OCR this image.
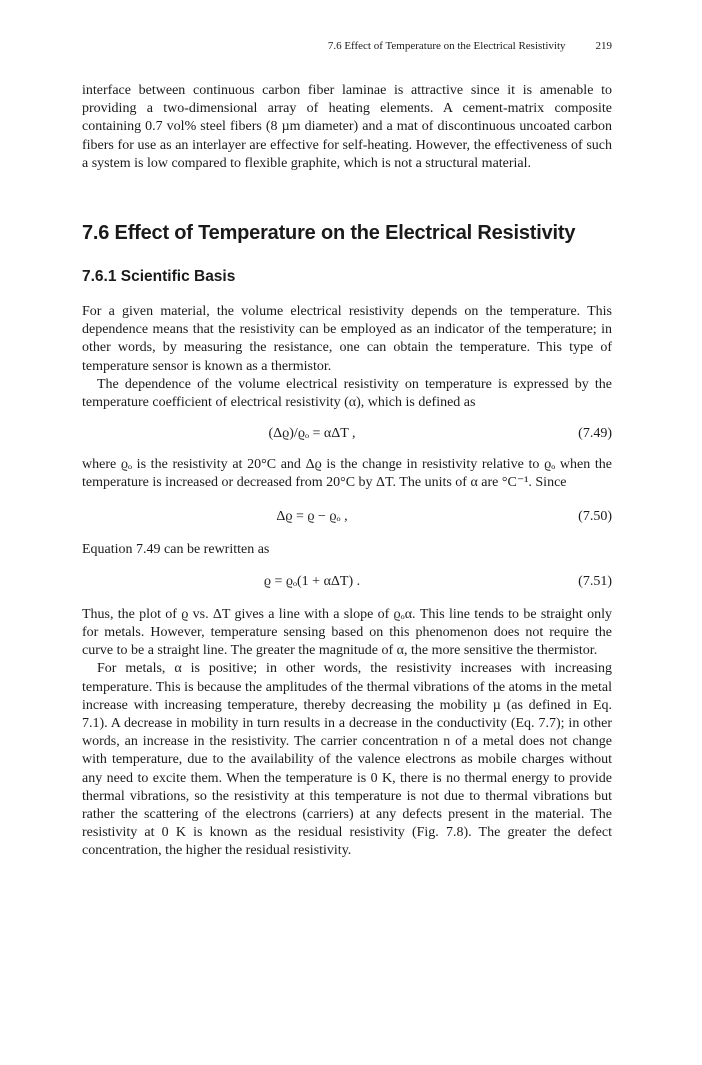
7.6 Effect of Temperature on the Electrical Resistivity	219

interface between continuous carbon fiber laminae is attractive since it is amenable to providing a two-dimensional array of heating elements. A cement-matrix composite containing 0.7 vol% steel fibers (8 µm diameter) and a mat of discontinuous uncoated carbon fibers for use as an interlayer are effective for self-heating. However, the effectiveness of such a system is low compared to flexible graphite, which is not a structural material.

7.6 Effect of Temperature on the Electrical Resistivity
7.6.1 Scientific Basis

For a given material, the volume electrical resistivity depends on the temperature. This dependence means that the resistivity can be employed as an indicator of the temperature; in other words, by measuring the resistance, one can obtain the temperature. This type of temperature sensor is known as a thermistor.

The dependence of the volume electrical resistivity on temperature is expressed by the temperature coefficient of electrical resistivity (α), which is defined as

(Δϱ)/ϱₒ = αΔT ,	(7.49)

where ϱₒ is the resistivity at 20°C and Δϱ is the change in resistivity relative to ϱₒ when the temperature is increased or decreased from 20°C by ΔT. The units of α are °C⁻¹. Since

Δϱ = ϱ − ϱₒ ,	(7.50)

Equation 7.49 can be rewritten as

ϱ = ϱₒ(1 + αΔT) .	(7.51)

Thus, the plot of ϱ vs. ΔT gives a line with a slope of ϱₒα. This line tends to be straight only for metals. However, temperature sensing based on this phenomenon does not require the curve to be a straight line. The greater the magnitude of α, the more sensitive the thermistor.

For metals, α is positive; in other words, the resistivity increases with increasing temperature. This is because the amplitudes of the thermal vibrations of the atoms in the metal increase with increasing temperature, thereby decreasing the mobility µ (as defined in Eq. 7.1). A decrease in mobility in turn results in a decrease in the conductivity (Eq. 7.7); in other words, an increase in the resistivity. The carrier concentration n of a metal does not change with temperature, due to the availability of the valence electrons as mobile charges without any need to excite them. When the temperature is 0 K, there is no thermal energy to provide thermal vibrations, so the resistivity at this temperature is not due to thermal vibrations but rather the scattering of the electrons (carriers) at any defects present in the material. The resistivity at 0 K is known as the residual resistivity (Fig. 7.8). The greater the defect concentration, the higher the residual resistivity.
